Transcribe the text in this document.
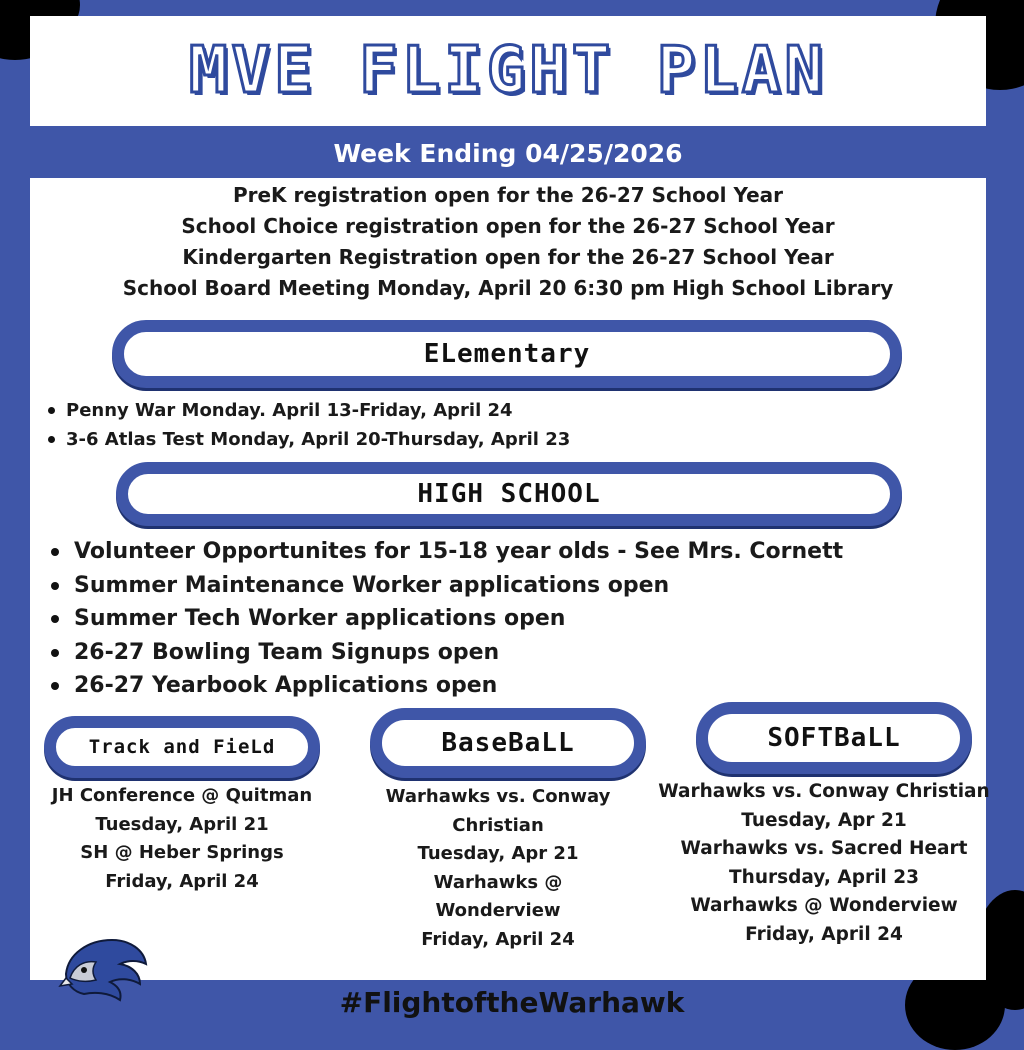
MVE FLIGHT PLAN
Week Ending 04/25/2026
PreK registration open for the 26-27 School Year
School Choice registration open for the 26-27 School Year
Kindergarten Registration open for the 26-27 School Year
School Board Meeting Monday, April 20 6:30 pm High School Library
ELementary
Penny War Monday. April 13-Friday, April 24
3-6 Atlas Test Monday, April 20-Thursday, April 23
HIGH SCHOOL
Volunteer Opportunites for 15-18 year olds - See Mrs. Cornett
Summer Maintenance Worker applications open
Summer Tech Worker applications open
26-27 Bowling Team Signups open
26-27 Yearbook Applications open
Track and FieLd
JH Conference @ Quitman
Tuesday, April 21
SH @ Heber Springs
Friday, April 24
BaseBaLL
Warhawks vs. Conway
Christian
Tuesday, Apr 21
Warhawks @
Wonderview
Friday, April 24
SOFTBaLL
Warhawks vs. Conway Christian
Tuesday, Apr 21
Warhawks vs. Sacred Heart
Thursday, April 23
Warhawks @ Wonderview
Friday, April 24
#FlightoftheWarhawk
